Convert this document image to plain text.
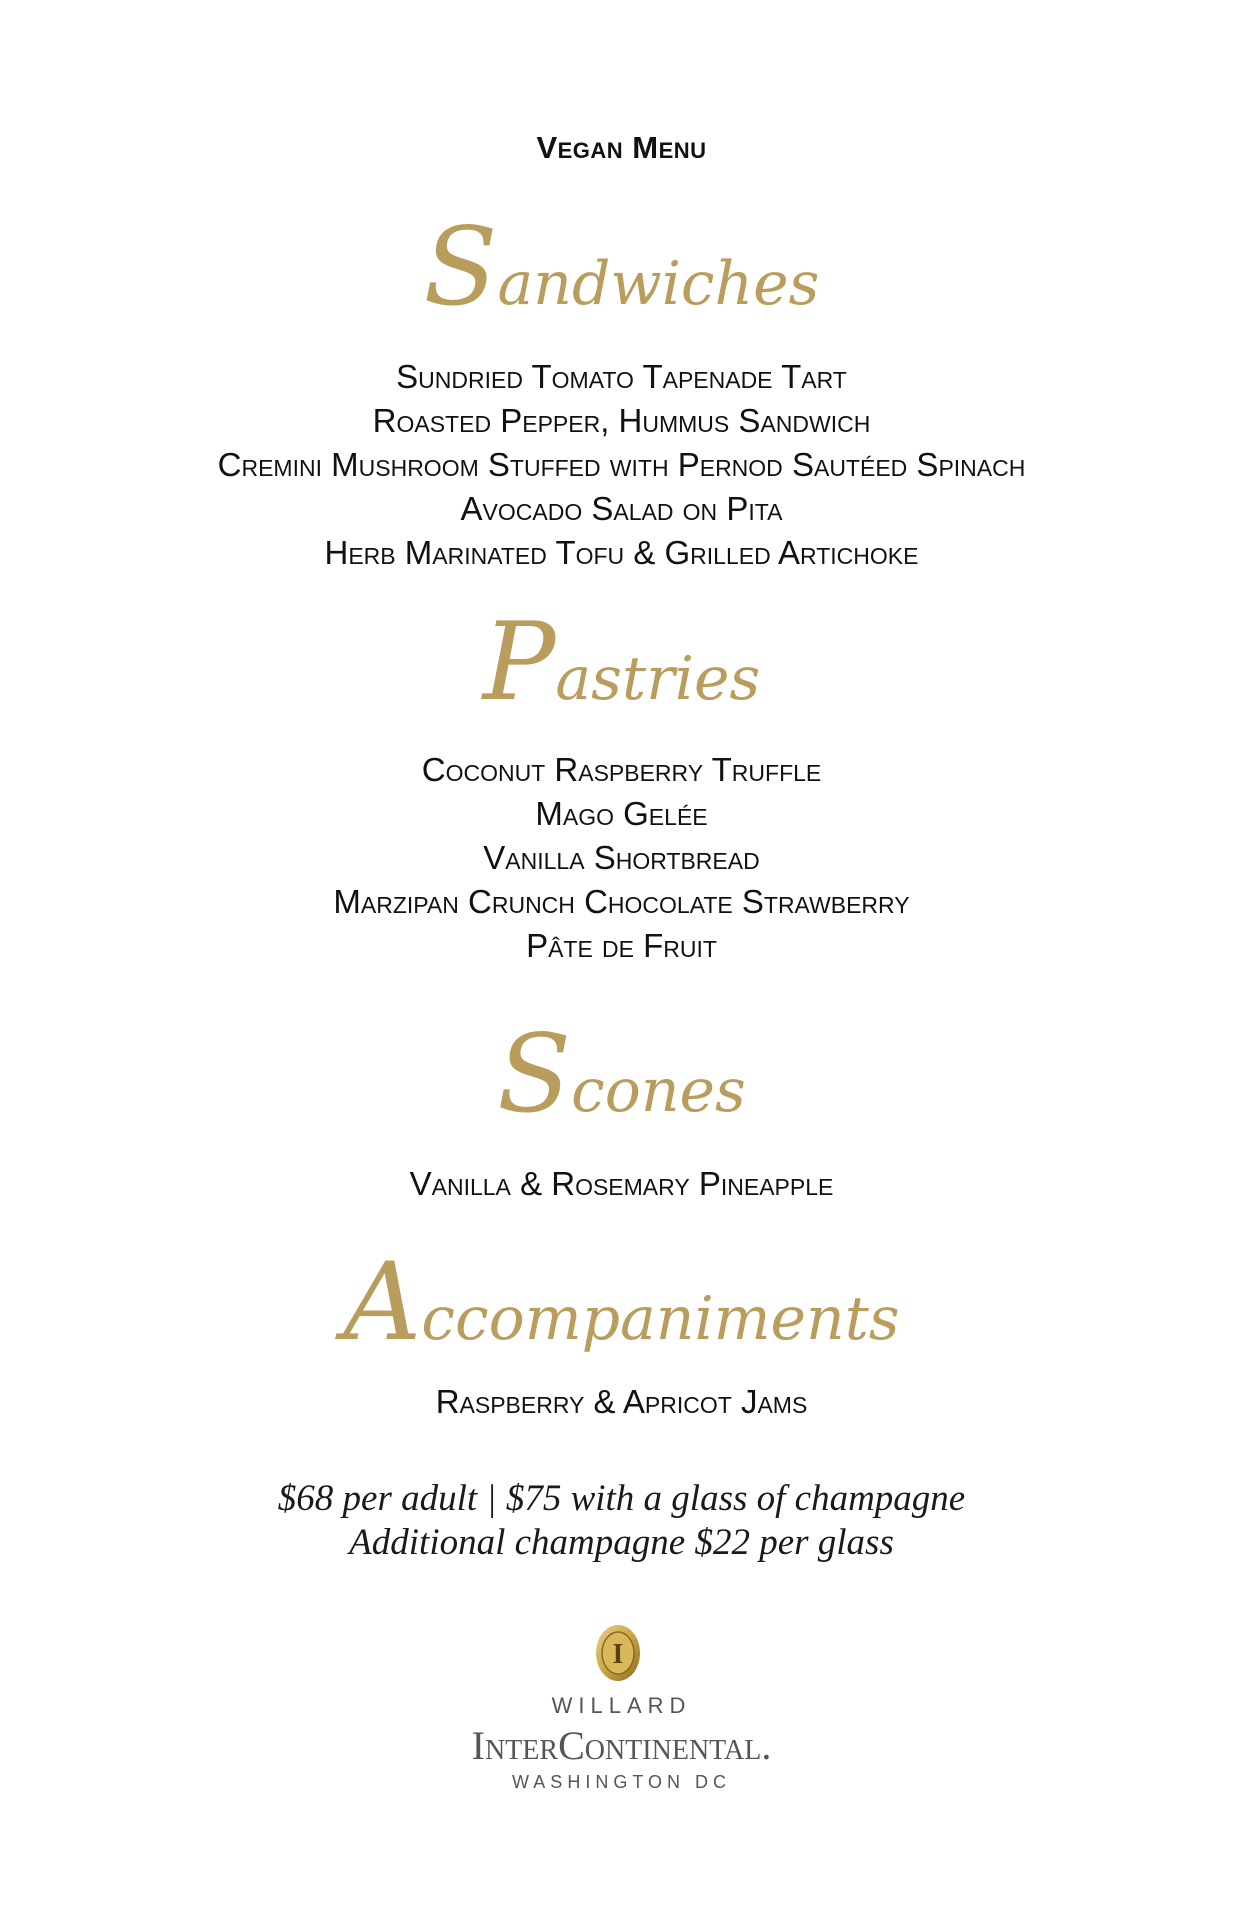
Vegan Menu
Sandwiches
Sundried Tomato Tapenade Tart
Roasted Pepper, Hummus Sandwich
Cremini Mushroom Stuffed with Pernod Sautéed Spinach
Avocado Salad on Pita
Herb Marinated Tofu & Grilled Artichoke
Pastries
Coconut Raspberry Truffle
Mago Gelée
Vanilla Shortbread
Marzipan Crunch Chocolate Strawberry
Pâte de Fruit
Scones
Vanilla & Rosemary Pineapple
Accompaniments
Raspberry & Apricot Jams
$68 per adult | $75 with a glass of champagne
Additional champagne $22 per glass
I
WILLARD
InterContinental.
WASHINGTON DC
